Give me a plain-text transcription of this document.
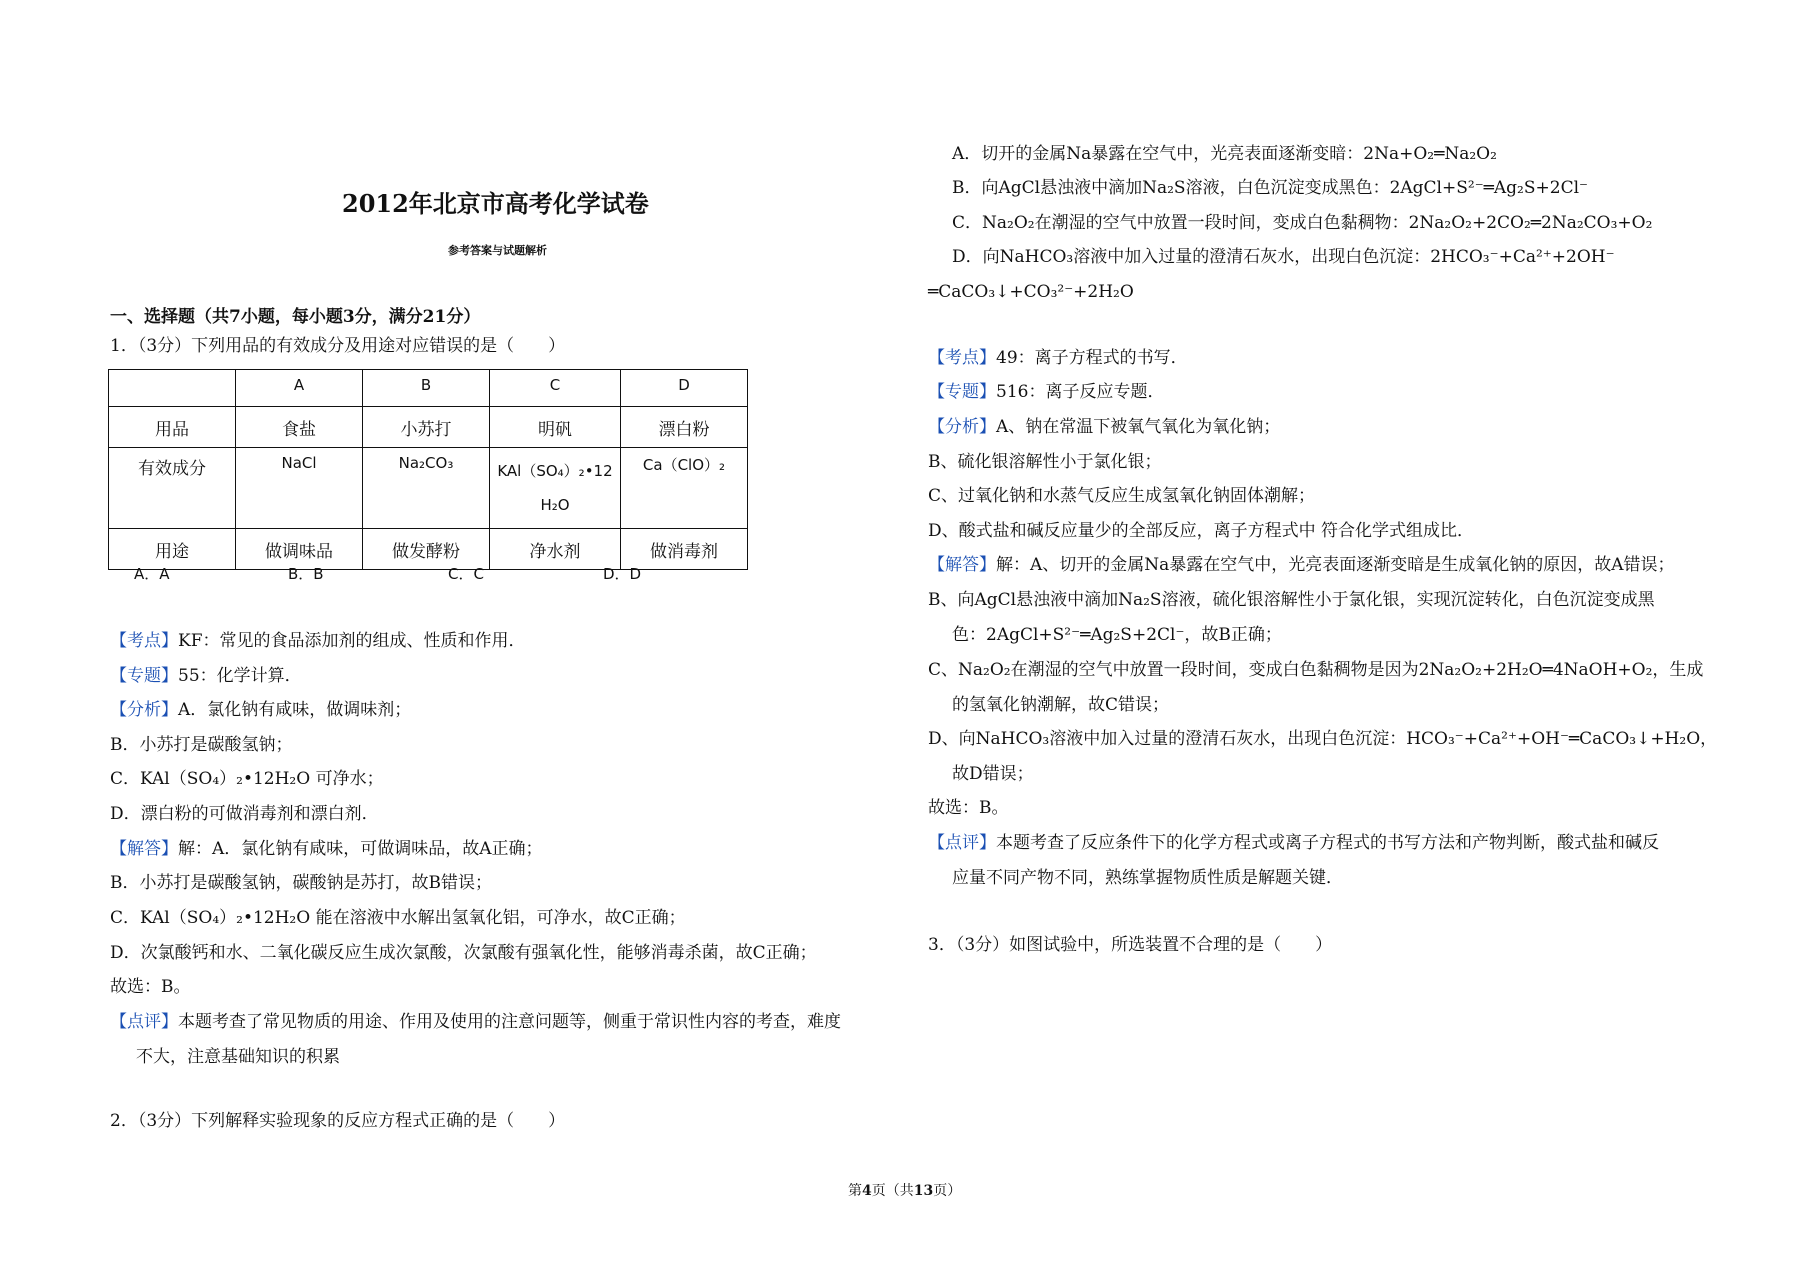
2012年北京市高考化学试卷
参考答案与试题解析
一、选择题（共7小题，每小题3分，满分21分）
1．（3分）下列用品的有效成分及用途对应错误的是（　　）
	A	B	C	D
用品	食盐	小苏打	明矾	漂白粉
有效成分	NaCl	Na₂CO₃	KAl（SO₄）₂•12H₂O	Ca（ClO）₂
用途	做调味品	做发酵粉	净水剂	做消毒剂
A．A	B．B	C．C	D．D
【考点】KF：常见的食品添加剂的组成、性质和作用．
【专题】55：化学计算．
【分析】A．氯化钠有咸味，做调味剂；
B．小苏打是碳酸氢钠；
C．KAl（SO₄）₂•12H₂O 可净水；
D．漂白粉的可做消毒剂和漂白剂．
【解答】解：A．氯化钠有咸味，可做调味品，故A正确；
B．小苏打是碳酸氢钠，碳酸钠是苏打，故B错误；
C．KAl（SO₄）₂•12H₂O 能在溶液中水解出氢氧化铝，可净水，故C正确；
D．次氯酸钙和水、二氧化碳反应生成次氯酸，次氯酸有强氧化性，能够消毒杀菌，故C正确；
故选：B。
【点评】本题考查了常见物质的用途、作用及使用的注意问题等，侧重于常识性内容的考查，难度
不大，注意基础知识的积累
2．（3分）下列解释实验现象的反应方程式正确的是（　　）
A．切开的金属Na暴露在空气中，光亮表面逐渐变暗：2Na+O₂═Na₂O₂
B．向AgCl悬浊液中滴加Na₂S溶液，白色沉淀变成黑色：2AgCl+S²⁻═Ag₂S+2Cl⁻
C．Na₂O₂在潮湿的空气中放置一段时间，变成白色黏稠物：2Na₂O₂+2CO₂═2Na₂CO₃+O₂
D．向NaHCO₃溶液中加入过量的澄清石灰水，出现白色沉淀：2HCO₃⁻+Ca²⁺+2OH⁻
═CaCO₃↓+CO₃²⁻+2H₂O
【考点】49：离子方程式的书写．
【专题】516：离子反应专题．
【分析】A、钠在常温下被氧气氧化为氧化钠；
B、硫化银溶解性小于氯化银；
C、过氧化钠和水蒸气反应生成氢氧化钠固体潮解；
D、酸式盐和碱反应量少的全部反应，离子方程式中 符合化学式组成比．
【解答】解：A、切开的金属Na暴露在空气中，光亮表面逐渐变暗是生成氧化钠的原因，故A错误；
B、向AgCl悬浊液中滴加Na₂S溶液，硫化银溶解性小于氯化银，实现沉淀转化，白色沉淀变成黑
色：2AgCl+S²⁻═Ag₂S+2Cl⁻，故B正确；
C、Na₂O₂在潮湿的空气中放置一段时间，变成白色黏稠物是因为2Na₂O₂+2H₂O═4NaOH+O₂，生成
的氢氧化钠潮解，故C错误；
D、向NaHCO₃溶液中加入过量的澄清石灰水，出现白色沉淀：HCO₃⁻+Ca²⁺+OH⁻═CaCO₃↓+H₂O，
故D错误；
故选：B。
【点评】本题考查了反应条件下的化学方程式或离子方程式的书写方法和产物判断，酸式盐和碱反
应量不同产物不同，熟练掌握物质性质是解题关键．
3．（3分）如图试验中，所选装置不合理的是（　　）
第4页（共13页）
